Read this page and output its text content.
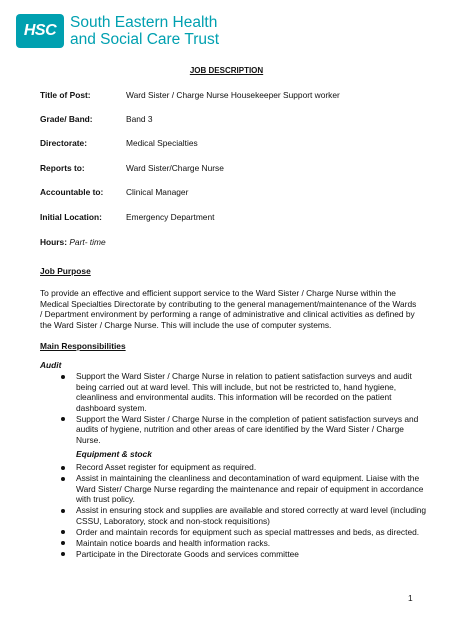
HSC South Eastern Health
and Social Care Trust
JOB DESCRIPTION
Title of Post:	Ward Sister / Charge Nurse Housekeeper Support worker
Grade/ Band:	Band 3
Directorate:	Medical Specialties
Reports to:	Ward Sister/Charge Nurse
Accountable to:	Clinical Manager
Initial Location:	Emergency Department
Hours: Part- time
Job Purpose
To provide an effective and efficient support service to the Ward Sister / Charge Nurse within the Medical Specialties Directorate by contributing to the general management/maintenance of the Wards / Department environment by performing a range of administrative and clinical activities as defined by the Ward Sister / Charge Nurse. This will include the use of computer systems.
Main Responsibilities
Audit
Support the Ward Sister / Charge Nurse in relation to patient satisfaction surveys and audit being carried out at ward level. This will include, but not be restricted to, hand hygiene, cleanliness and environmental audits. This information will be recorded on the patient dashboard system.
Support the Ward Sister / Charge Nurse in the completion of patient satisfaction surveys and audits of hygiene, nutrition and other areas of care identified by the Ward Sister / Charge Nurse.
Equipment & stock
Record Asset register for equipment as required.
Assist in maintaining the cleanliness and decontamination of ward equipment. Liaise with the Ward Sister/ Charge Nurse regarding the maintenance and repair of equipment in accordance with trust policy.
Assist in ensuring stock and supplies are available and stored correctly at ward level (including CSSU, Laboratory, stock and non-stock requisitions)
Order and maintain records for equipment such as special mattresses and beds, as directed.
Maintain notice boards and health information racks.
Participate in the Directorate Goods and services committee
1
